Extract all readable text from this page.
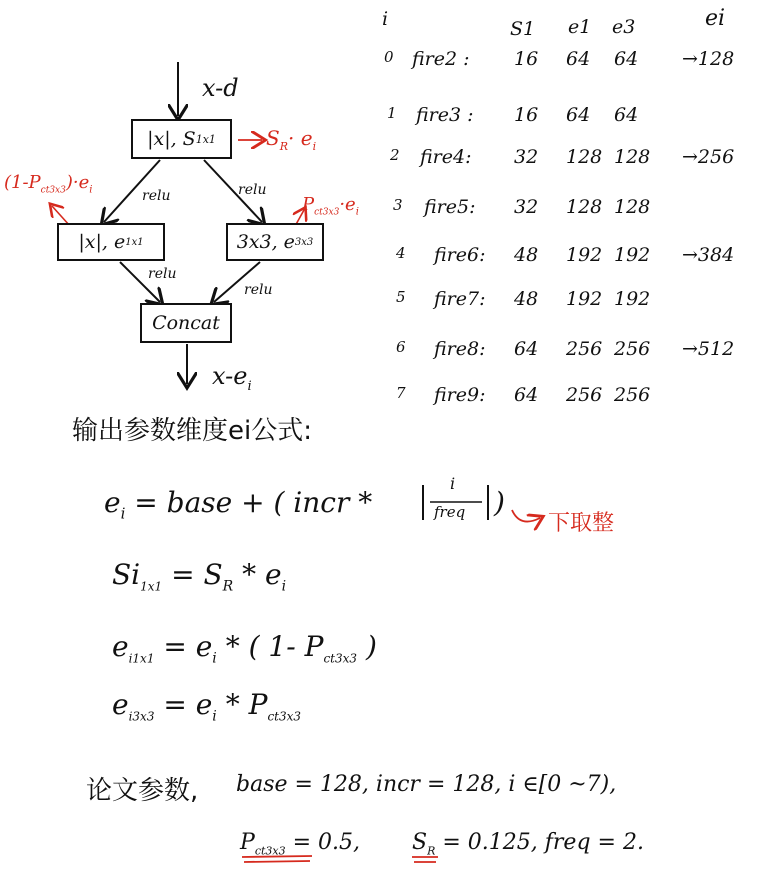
x-d
|x|, S 1x1	$S_R\cdot e_i$
$(1-P_{ct3x3})\cdot e_i$
$P_{ct3x3}\cdot e_i$
relu	relu
|x|, e 1x1	3x3, e 3x3
relu
relu
Concat
$x-e_i$
i	S1 e1 e3	ei
0 fire2 : 16 64 64 →128
1 fire3 : 16 64 64
2 fire4: 32 128 128 →256
3 fire5: 32 128 128
4 fire6: 48 192 192 →384
5 fire7: 48 192 192
6 fire8: 64 256 256 →512
7 fire9: 64 256 256
输出参数维度ei公式:
$e_i$ = base + ( incr *
i
freq )
下取整
$Si_{1x1} = S_R * e_i$
$e_{i1x1} = e_i$ * ( 1- $P_{ct3x3}$ )
$e_{i3x3} = e_i * P_{ct3x3}$
论文参数, base = 128, incr = 128, i ∈[0 ~7),
$P_{ct3x3} = 0.5$, $S_R = 0.125$, freq = 2.
